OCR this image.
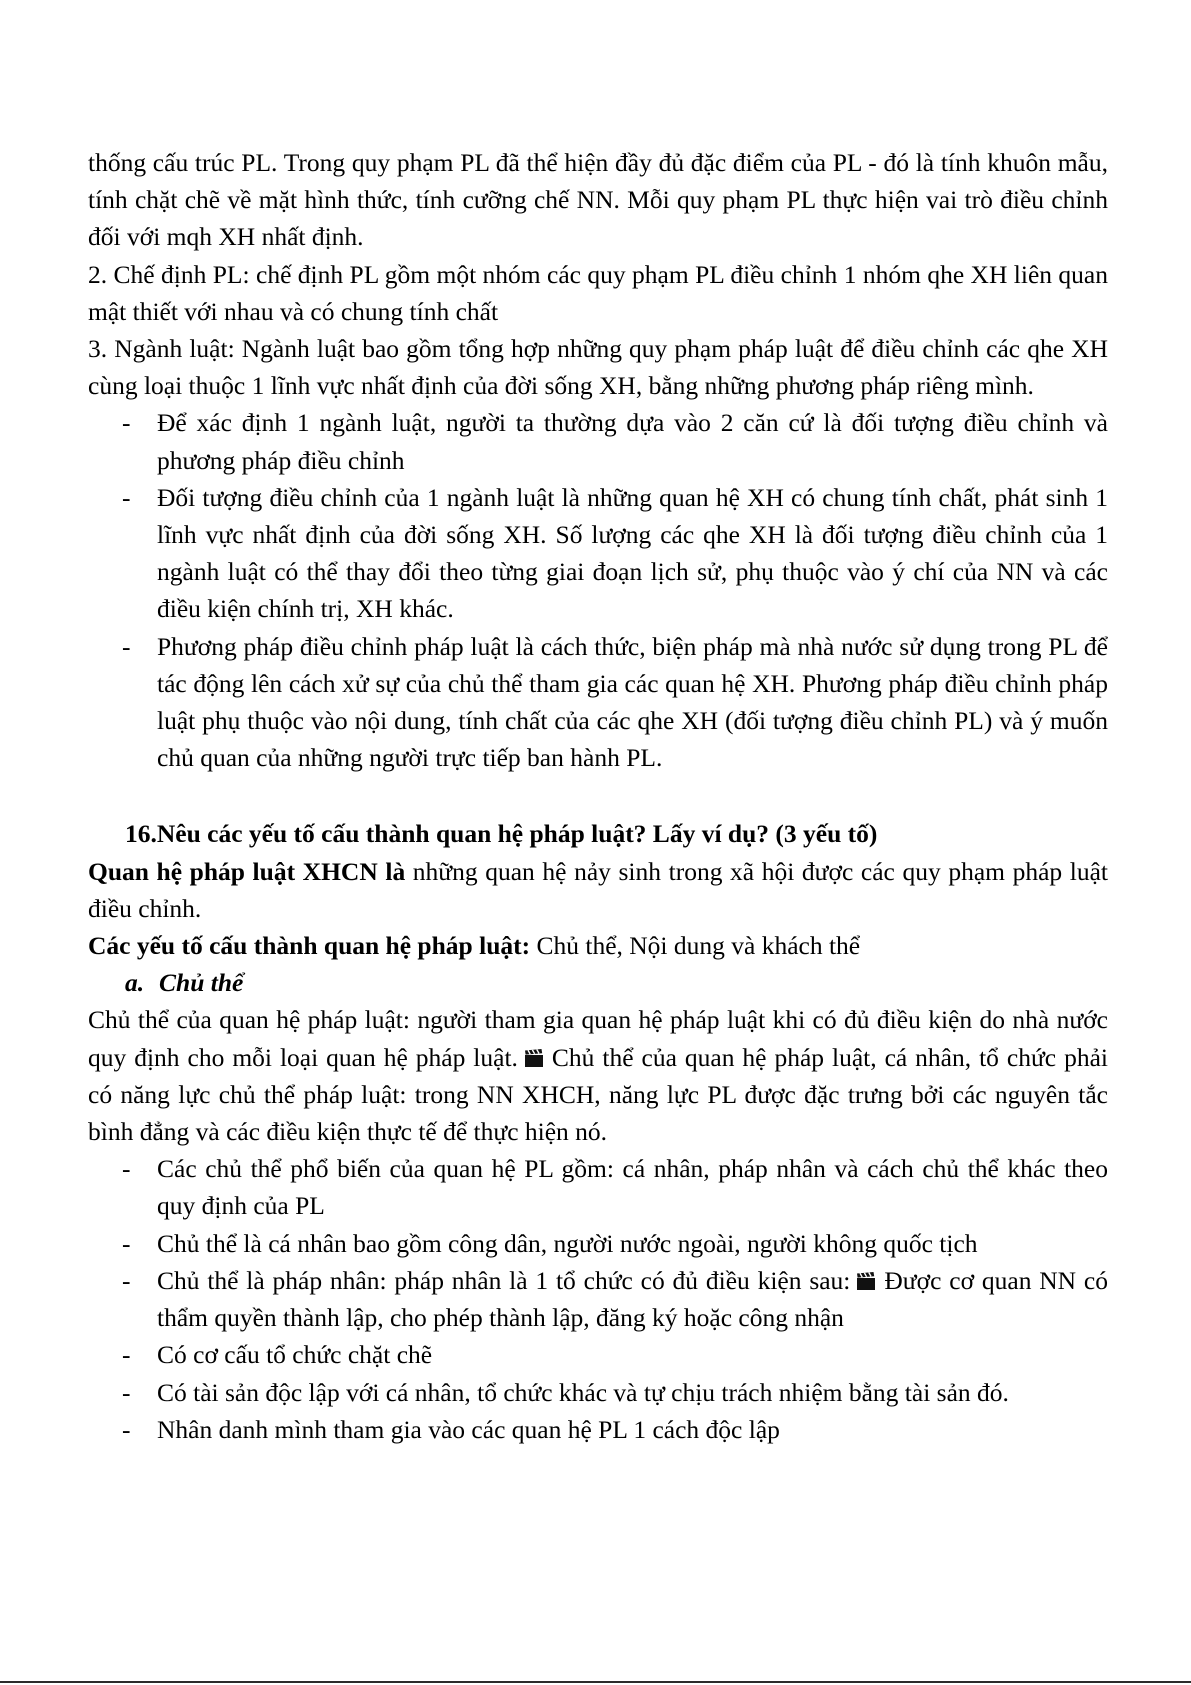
thống cấu trúc PL. Trong quy phạm PL đã thể hiện đầy đủ đặc điểm của PL - đó là tính khuôn mẫu, tính chặt chẽ về mặt hình thức, tính cưỡng chế NN. Mỗi quy phạm PL thực hiện vai trò điều chỉnh đối với mqh XH nhất định.

2. Chế định PL: chế định PL gồm một nhóm các quy phạm PL điều chỉnh 1 nhóm qhe XH liên quan mật thiết với nhau và có chung tính chất

3. Ngành luật: Ngành luật bao gồm tổng hợp những quy phạm pháp luật để điều chỉnh các qhe XH cùng loại thuộc 1 lĩnh vực nhất định của đời sống XH, bằng những phương pháp riêng mình.

- Để xác định 1 ngành luật, người ta thường dựa vào 2 căn cứ là đối tượng điều chỉnh và phương pháp điều chỉnh
- Đối tượng điều chỉnh của 1 ngành luật là những quan hệ XH có chung tính chất, phát sinh 1 lĩnh vực nhất định của đời sống XH. Số lượng các qhe XH là đối tượng điều chỉnh của 1 ngành luật có thể thay đổi theo từng giai đoạn lịch sử, phụ thuộc vào ý chí của NN và các điều kiện chính trị, XH khác.
- Phương pháp điều chỉnh pháp luật là cách thức, biện pháp mà nhà nước sử dụng trong PL để tác động lên cách xử sự của chủ thể tham gia các quan hệ XH. Phương pháp điều chỉnh pháp luật phụ thuộc vào nội dung, tính chất của các qhe XH (đối tượng điều chỉnh PL) và ý muốn chủ quan của những người trực tiếp ban hành PL.

16.Nêu các yếu tố cấu thành quan hệ pháp luật? Lấy ví dụ? (3 yếu tố)

Quan hệ pháp luật XHCN là những quan hệ nảy sinh trong xã hội được các quy phạm pháp luật điều chỉnh.

Các yếu tố cấu thành quan hệ pháp luật: Chủ thể, Nội dung và khách thể

a. Chủ thể

Chủ thể của quan hệ pháp luật: người tham gia quan hệ pháp luật khi có đủ điều kiện do nhà nước quy định cho mỗi loại quan hệ pháp luật. Chủ thể của quan hệ pháp luật, cá nhân, tổ chức phải có năng lực chủ thể pháp luật: trong NN XHCH, năng lực PL được đặc trưng bởi các nguyên tắc bình đẳng và các điều kiện thực tế để thực hiện nó.

- Các chủ thể phổ biến của quan hệ PL gồm: cá nhân, pháp nhân và cách chủ thể khác theo quy định của PL
- Chủ thể là cá nhân bao gồm công dân, người nước ngoài, người không quốc tịch
- Chủ thể là pháp nhân: pháp nhân là 1 tổ chức có đủ điều kiện sau: Được cơ quan NN có thẩm quyền thành lập, cho phép thành lập, đăng ký hoặc công nhận
- Có cơ cấu tổ chức chặt chẽ
- Có tài sản độc lập với cá nhân, tổ chức khác và tự chịu trách nhiệm bằng tài sản đó.
- Nhân danh mình tham gia vào các quan hệ PL 1 cách độc lập
